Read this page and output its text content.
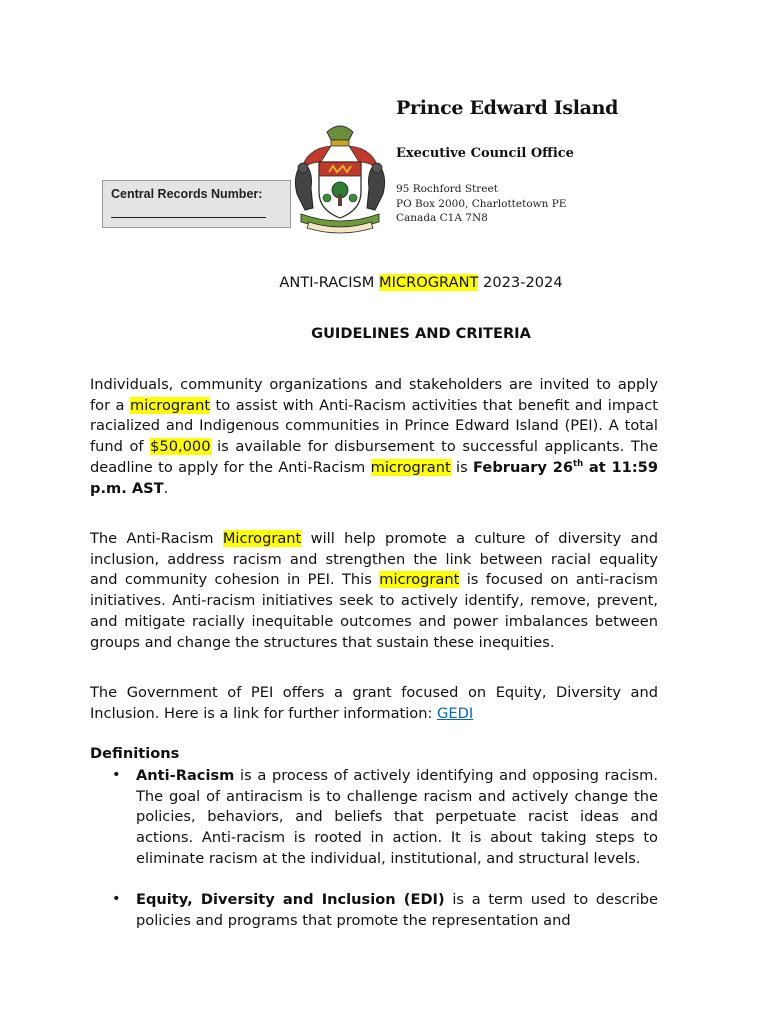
Central Records Number:
Prince Edward Island
Executive Council Office
95 Rochford Street
PO Box 2000, Charlottetown PE
Canada C1A 7N8
ANTI-RACISM MICROGRANT 2023-2024
GUIDELINES AND CRITERIA

Individuals, community organizations and stakeholders are invited to apply for a microgrant to assist with Anti-Racism activities that benefit and impact racialized and Indigenous communities in Prince Edward Island (PEI). A total fund of $50,000 is available for disbursement to successful applicants. The deadline to apply for the Anti-Racism microgrant is February 26th at 11:59 p.m. AST.

The Anti-Racism Microgrant will help promote a culture of diversity and inclusion, address racism and strengthen the link between racial equality and community cohesion in PEI. This microgrant is focused on anti-racism initiatives. Anti-racism initiatives seek to actively identify, remove, prevent, and mitigate racially inequitable outcomes and power imbalances between groups and change the structures that sustain these inequities.

The Government of PEI offers a grant focused on Equity, Diversity and Inclusion. Here is a link for further information: GEDI

Definitions
• Anti-Racism is a process of actively identifying and opposing racism. The goal of antiracism is to challenge racism and actively change the policies, behaviors, and beliefs that perpetuate racist ideas and actions. Anti-racism is rooted in action. It is about taking steps to eliminate racism at the individual, institutional, and structural levels.

• Equity, Diversity and Inclusion (EDI) is a term used to describe policies and programs that promote the representation and
